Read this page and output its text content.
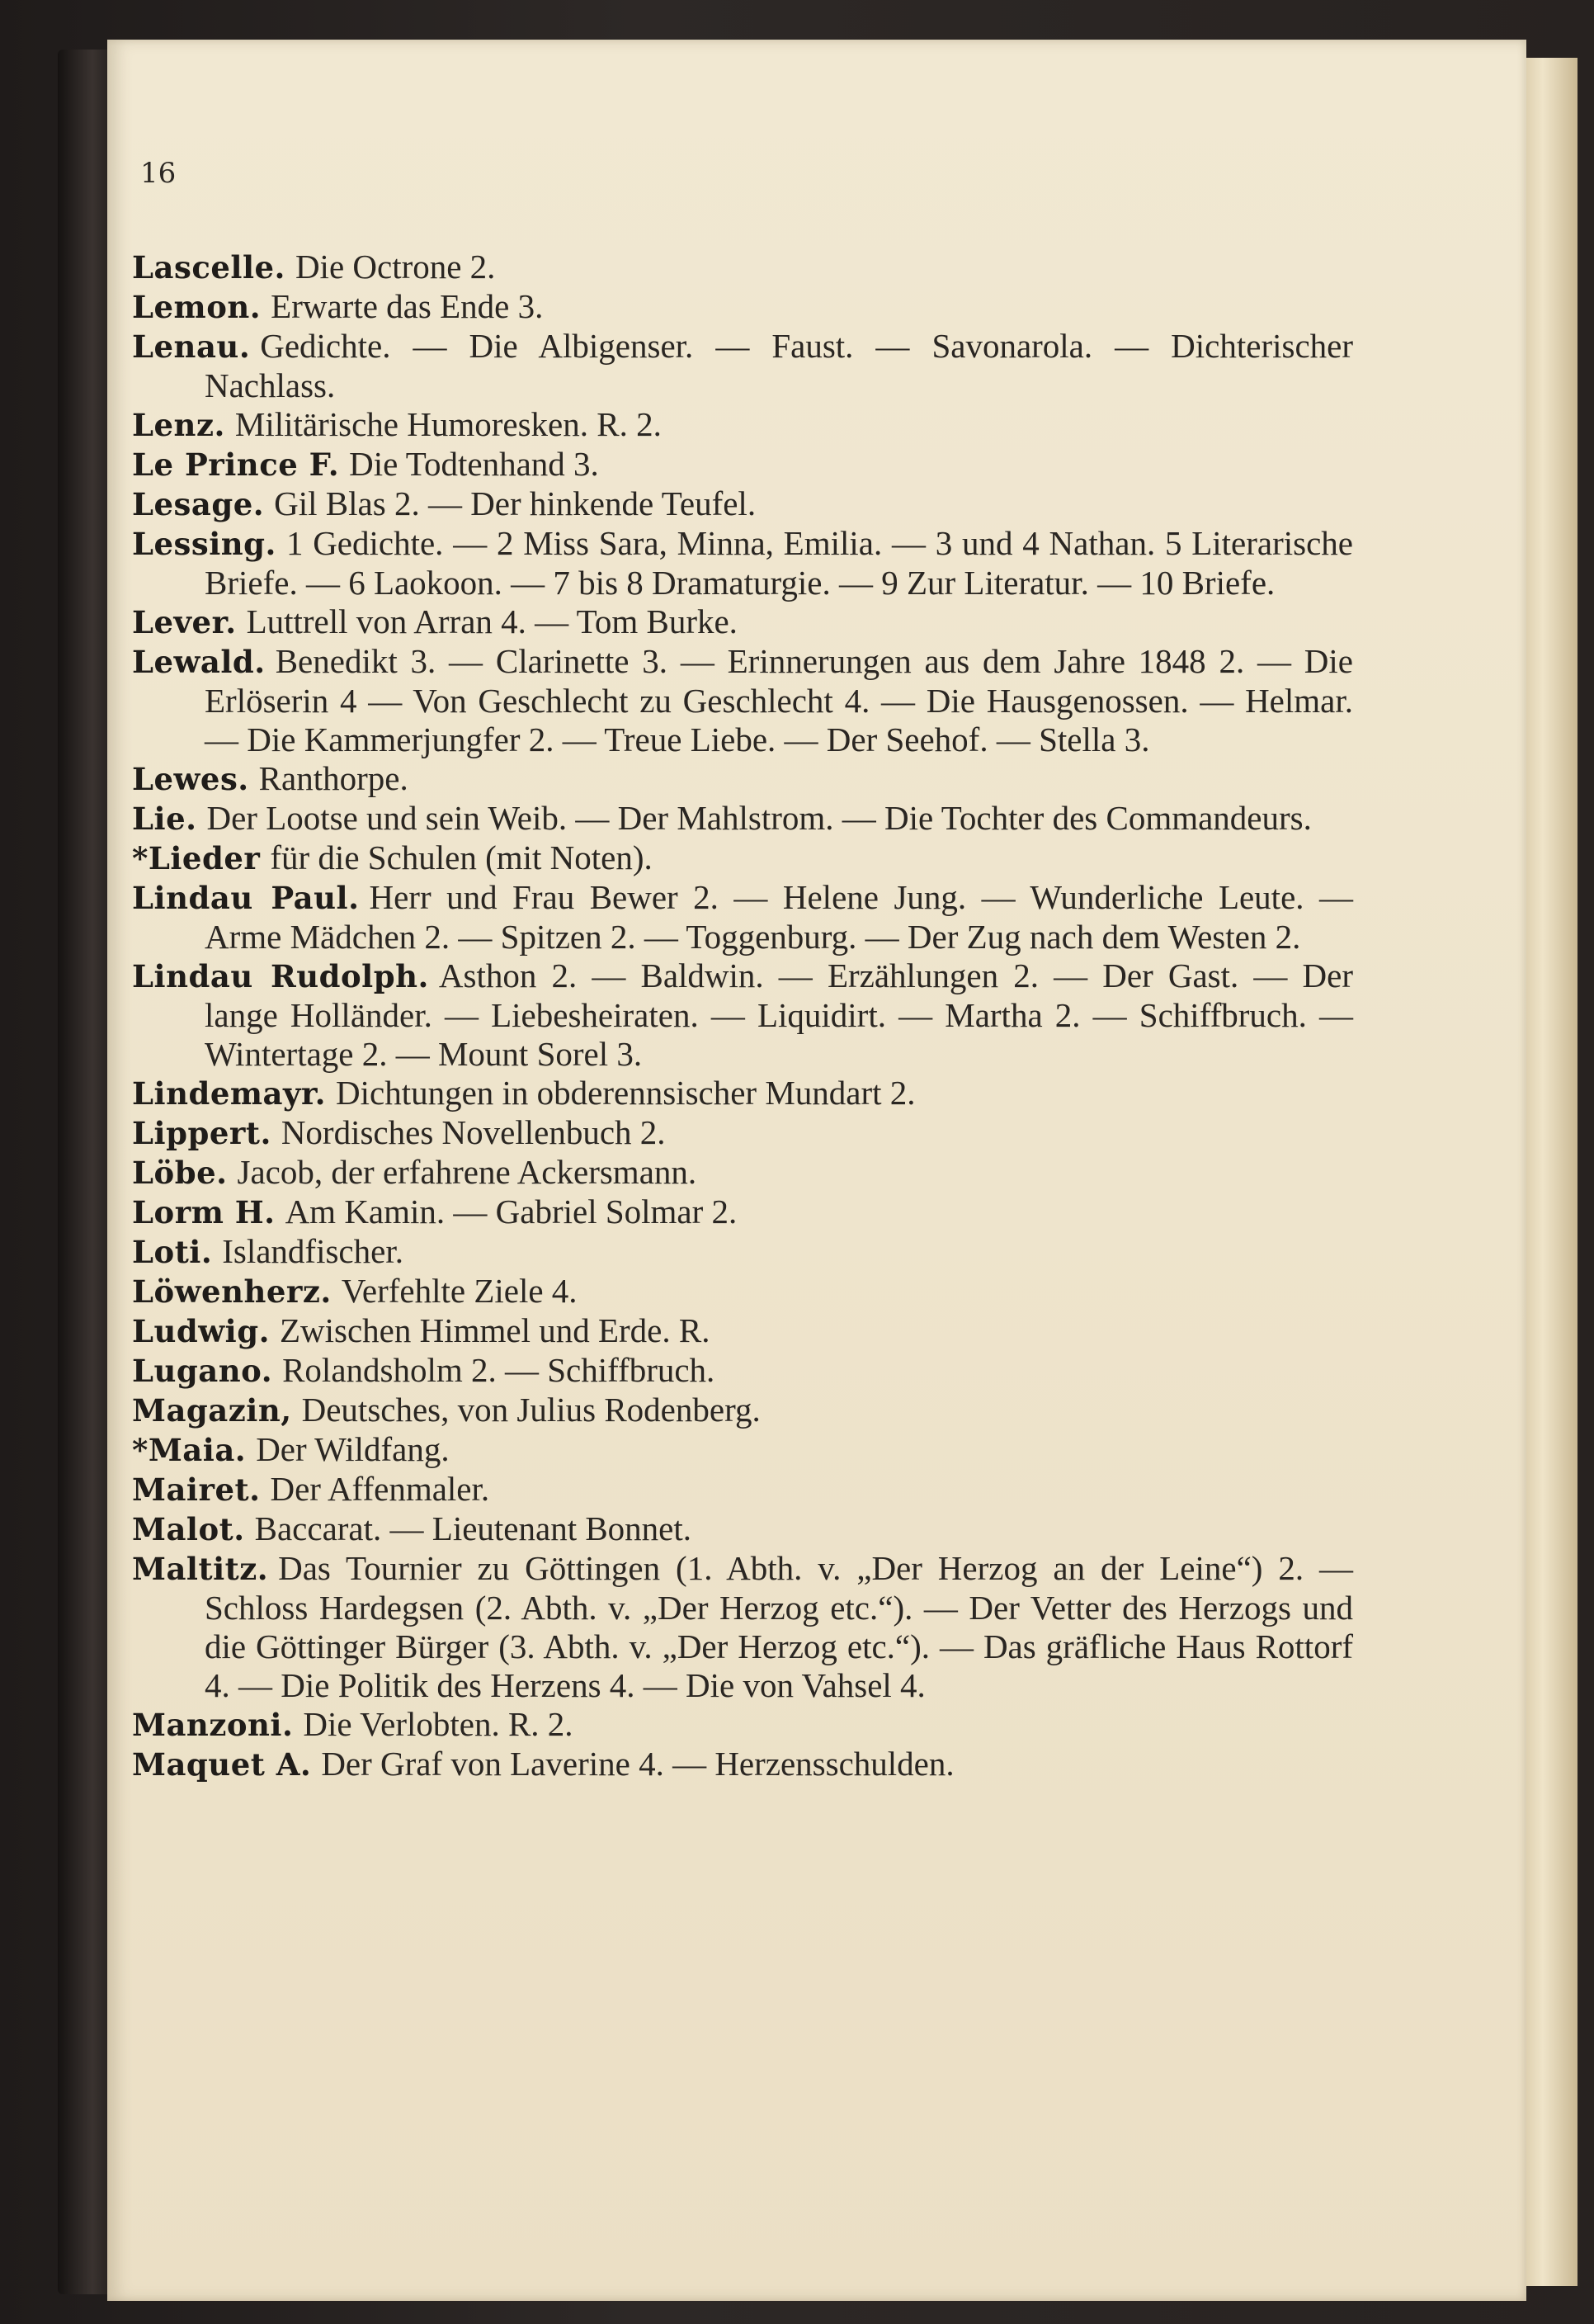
16

Lascelle. Die Octrone 2.

Lemon. Erwarte das Ende 3.

Lenau. Gedichte. — Die Albigenser. — Faust. — Savonarola. — Dichterischer Nachlass.

Lenz. Militärische Humoresken. R. 2.

Le Prince F. Die Todtenhand 3.

Lesage. Gil Blas 2. — Der hinkende Teufel.

Lessing. 1 Gedichte. — 2 Miss Sara, Minna, Emilia. — 3 und 4 Nathan. 5 Literarische Briefe. — 6 Laokoon. — 7 bis 8 Dramaturgie. — 9 Zur Literatur. — 10 Briefe.

Lever. Luttrell von Arran 4. — Tom Burke.

Lewald. Benedikt 3. — Clarinette 3. — Erinnerungen aus dem Jahre 1848 2. — Die Erlöserin 4 — Von Geschlecht zu Geschlecht 4. — Die Hausgenossen. — Helmar. — Die Kammerjungfer 2. — Treue Liebe. — Der Seehof. — Stella 3.

Lewes. Ranthorpe.

Lie. Der Lootse und sein Weib. — Der Mahlstrom. — Die Tochter des Commandeurs.

*Lieder für die Schulen (mit Noten).

Lindau Paul. Herr und Frau Bewer 2. — Helene Jung. — Wunderliche Leute. — Arme Mädchen 2. — Spitzen 2. — Toggenburg. — Der Zug nach dem Westen 2.

Lindau Rudolph. Asthon 2. — Baldwin. — Erzählungen 2. — Der Gast. — Der lange Holländer. — Liebesheiraten. — Liquidirt. — Martha 2. — Schiffbruch. — Wintertage 2. — Mount Sorel 3.

Lindemayr. Dichtungen in obderennsischer Mundart 2.

Lippert. Nordisches Novellenbuch 2.

Löbe. Jacob, der erfahrene Ackersmann.

Lorm H. Am Kamin. — Gabriel Solmar 2.

Loti. Islandfischer.

Löwenherz. Verfehlte Ziele 4.

Ludwig. Zwischen Himmel und Erde. R.

Lugano. Rolandsholm 2. — Schiffbruch.

Magazin, Deutsches, von Julius Rodenberg.

*Maia. Der Wildfang.

Mairet. Der Affenmaler.

Malot. Baccarat. — Lieutenant Bonnet.

Maltitz. Das Tournier zu Göttingen (1. Abth. v. „Der Herzog an der Leine“) 2. — Schloss Hardegsen (2. Abth. v. „Der Herzog etc.“). — Der Vetter des Herzogs und die Göttinger Bürger (3. Abth. v. „Der Herzog etc.“). — Das gräfliche Haus Rottorf 4. — Die Politik des Herzens 4. — Die von Vahsel 4.

Manzoni. Die Verlobten. R. 2.

Maquet A. Der Graf von Laverine 4. — Herzensschulden.
